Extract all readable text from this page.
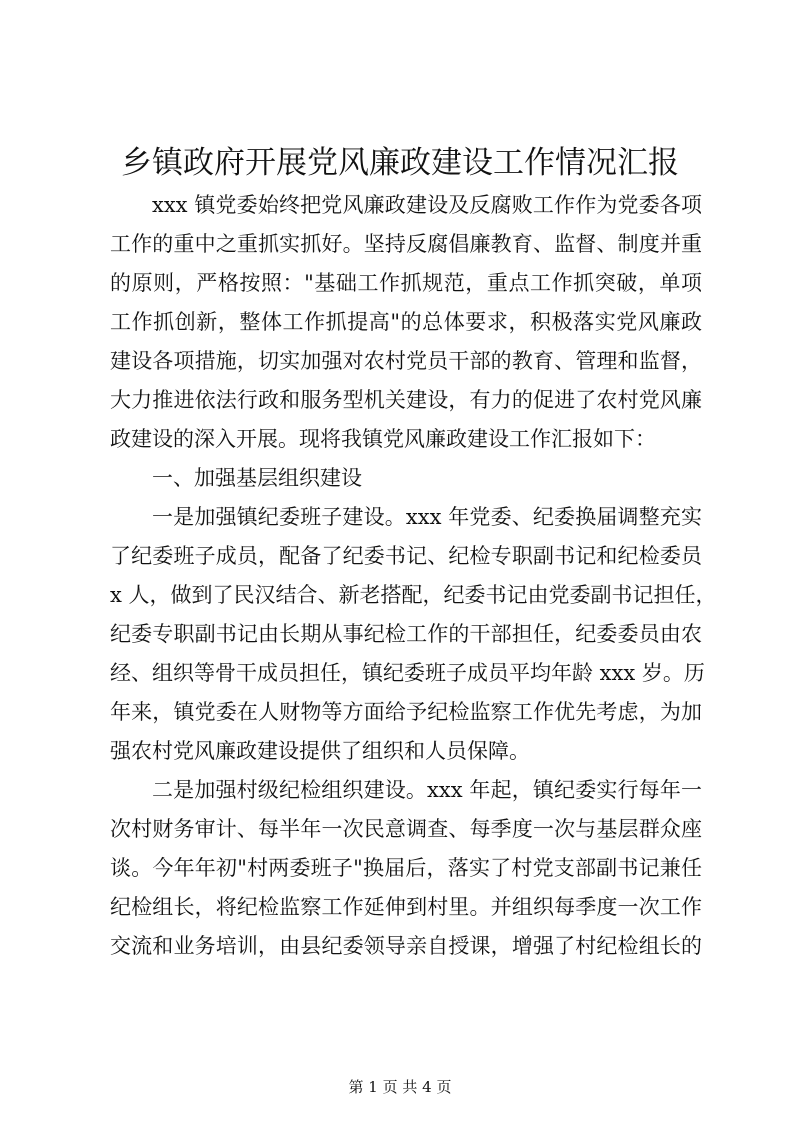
乡镇政府开展党风廉政建设工作情况汇报
xxx 镇党委始终把党风廉政建设及反腐败工作作为党委各项
工作的重中之重抓实抓好。坚持反腐倡廉教育、监督、制度并重
的原则，严格按照："基础工作抓规范，重点工作抓突破，单项
工作抓创新，整体工作抓提高"的总体要求，积极落实党风廉政
建设各项措施，切实加强对农村党员干部的教育、管理和监督，
大力推进依法行政和服务型机关建设，有力的促进了农村党风廉
政建设的深入开展。现将我镇党风廉政建设工作汇报如下：
一、加强基层组织建设
一是加强镇纪委班子建设。xxx 年党委、纪委换届调整充实
了纪委班子成员，配备了纪委书记、纪检专职副书记和纪检委员
x 人，做到了民汉结合、新老搭配，纪委书记由党委副书记担任，
纪委专职副书记由长期从事纪检工作的干部担任，纪委委员由农
经、组织等骨干成员担任，镇纪委班子成员平均年龄 xxx 岁。历
年来，镇党委在人财物等方面给予纪检监察工作优先考虑，为加
强农村党风廉政建设提供了组织和人员保障。
二是加强村级纪检组织建设。xxx 年起，镇纪委实行每年一
次村财务审计、每半年一次民意调查、每季度一次与基层群众座
谈。今年年初"村两委班子"换届后，落实了村党支部副书记兼任
纪检组长，将纪检监察工作延伸到村里。并组织每季度一次工作
交流和业务培训，由县纪委领导亲自授课，增强了村纪检组长的
第 1 页 共 4 页
